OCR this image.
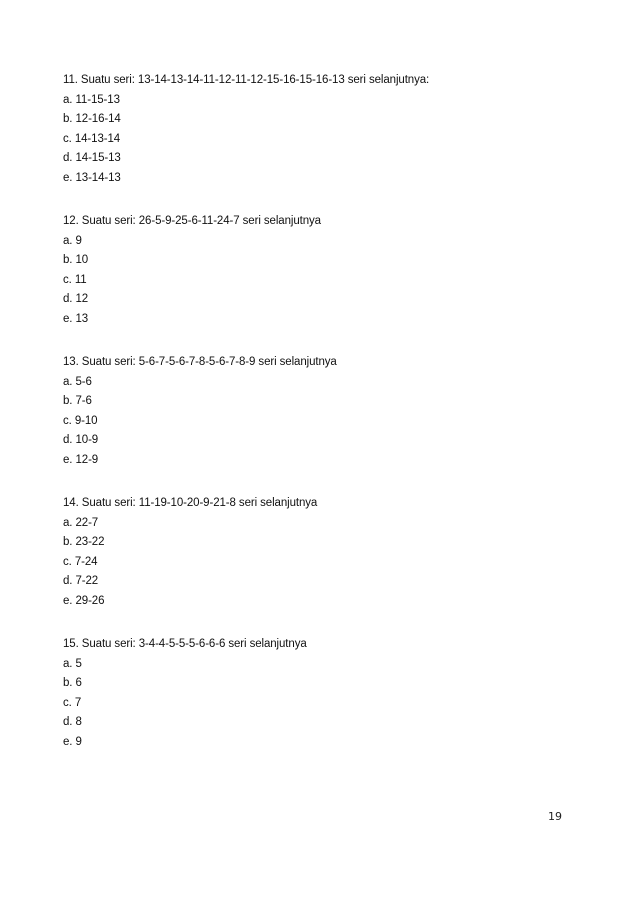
11. Suatu seri: 13-14-13-14-11-12-11-12-15-16-15-16-13 seri selanjutnya:
a. 11-15-13
b. 12-16-14
c. 14-13-14
d. 14-15-13
e. 13-14-13
12. Suatu seri: 26-5-9-25-6-11-24-7 seri selanjutnya
a. 9
b. 10
c. 11
d. 12
e. 13
13. Suatu seri: 5-6-7-5-6-7-8-5-6-7-8-9 seri selanjutnya
a. 5-6
b. 7-6
c. 9-10
d. 10-9
e. 12-9
14. Suatu seri: 11-19-10-20-9-21-8 seri selanjutnya
a. 22-7
b. 23-22
c. 7-24
d. 7-22
e. 29-26
15. Suatu seri: 3-4-4-5-5-5-6-6-6 seri selanjutnya
a. 5
b. 6
c. 7
d. 8
e. 9
19
